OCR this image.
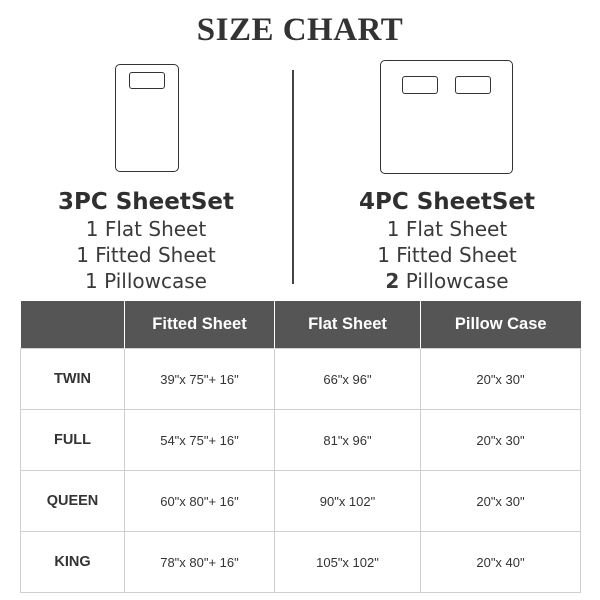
SIZE CHART
3PC SheetSet
1 Flat Sheet
1 Fitted Sheet
1 Pillowcase
4PC SheetSet
1 Flat Sheet
1 Fitted Sheet
2 Pillowcase
	Fitted Sheet	Flat Sheet	Pillow Case
TWIN	39"x 75"+ 16"	66"x 96"	20"x 30"
FULL	54"x 75"+ 16"	81"x 96"	20"x 30"
QUEEN	60"x 80"+ 16"	90"x 102"	20"x 30"
KING	78"x 80"+ 16"	105"x 102"	20"x 40"
